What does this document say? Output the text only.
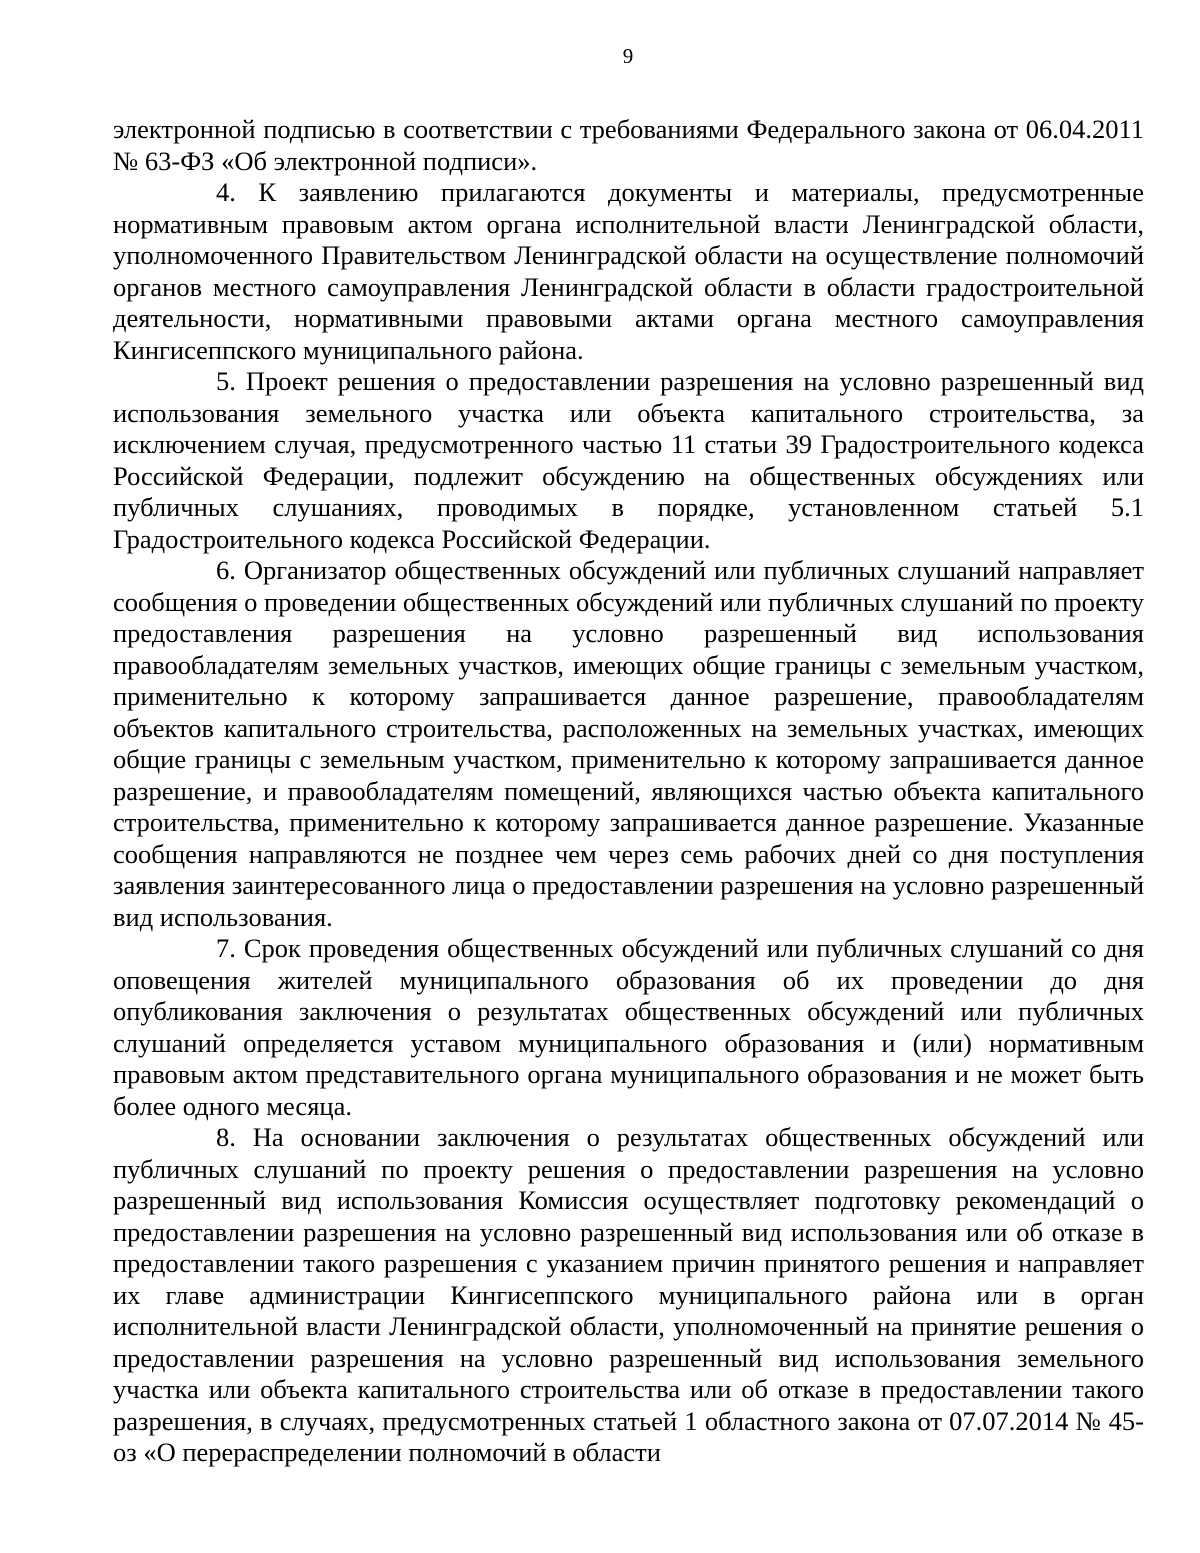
9

электронной подписью в соответствии с требованиями Федерального закона от 06.04.2011 № 63-ФЗ «Об электронной подписи».

4. К заявлению прилагаются документы и материалы, предусмотренные нормативным правовым актом органа исполнительной власти Ленинградской области, уполномоченного Правительством Ленинградской области на осуществление полномочий органов местного самоуправления Ленинградской области в области градостроительной деятельности, нормативными правовыми актами органа местного самоуправления Кингисеппского муниципального района.

5. Проект решения о предоставлении разрешения на условно разрешенный вид использования земельного участка или объекта капитального строительства, за исключением случая, предусмотренного частью 11 статьи 39 Градостроительного кодекса Российской Федерации, подлежит обсуждению на общественных обсуждениях или публичных слушаниях, проводимых в порядке, установленном статьей 5.1 Градостроительного кодекса Российской Федерации.

6. Организатор общественных обсуждений или публичных слушаний направляет сообщения о проведении общественных обсуждений или публичных слушаний по проекту предоставления разрешения на условно разрешенный вид использования правообладателям земельных участков, имеющих общие границы с земельным участком, применительно к которому запрашивается данное разрешение, правообладателям объектов капитального строительства, расположенных на земельных участках, имеющих общие границы с земельным участком, применительно к которому запрашивается данное разрешение, и правообладателям помещений, являющихся частью объекта капитального строительства, применительно к которому запрашивается данное разрешение. Указанные сообщения направляются не позднее чем через семь рабочих дней со дня поступления заявления заинтересованного лица о предоставлении разрешения на условно разрешенный вид использования.

7. Срок проведения общественных обсуждений или публичных слушаний со дня оповещения жителей муниципального образования об их проведении до дня опубликования заключения о результатах общественных обсуждений или публичных слушаний определяется уставом муниципального образования и (или) нормативным правовым актом представительного органа муниципального образования и не может быть более одного месяца.

8. На основании заключения о результатах общественных обсуждений или публичных слушаний по проекту решения о предоставлении разрешения на условно разрешенный вид использования Комиссия осуществляет подготовку рекомендаций о предоставлении разрешения на условно разрешенный вид использования или об отказе в предоставлении такого разрешения с указанием причин принятого решения и направляет их главе администрации Кингисеппского муниципального района или в орган исполнительной власти Ленинградской области, уполномоченный на принятие решения о предоставлении разрешения на условно разрешенный вид использования земельного участка или объекта капитального строительства или об отказе в предоставлении такого разрешения, в случаях, предусмотренных статьей 1 областного закона от 07.07.2014 № 45-оз «О перераспределении полномочий в области
